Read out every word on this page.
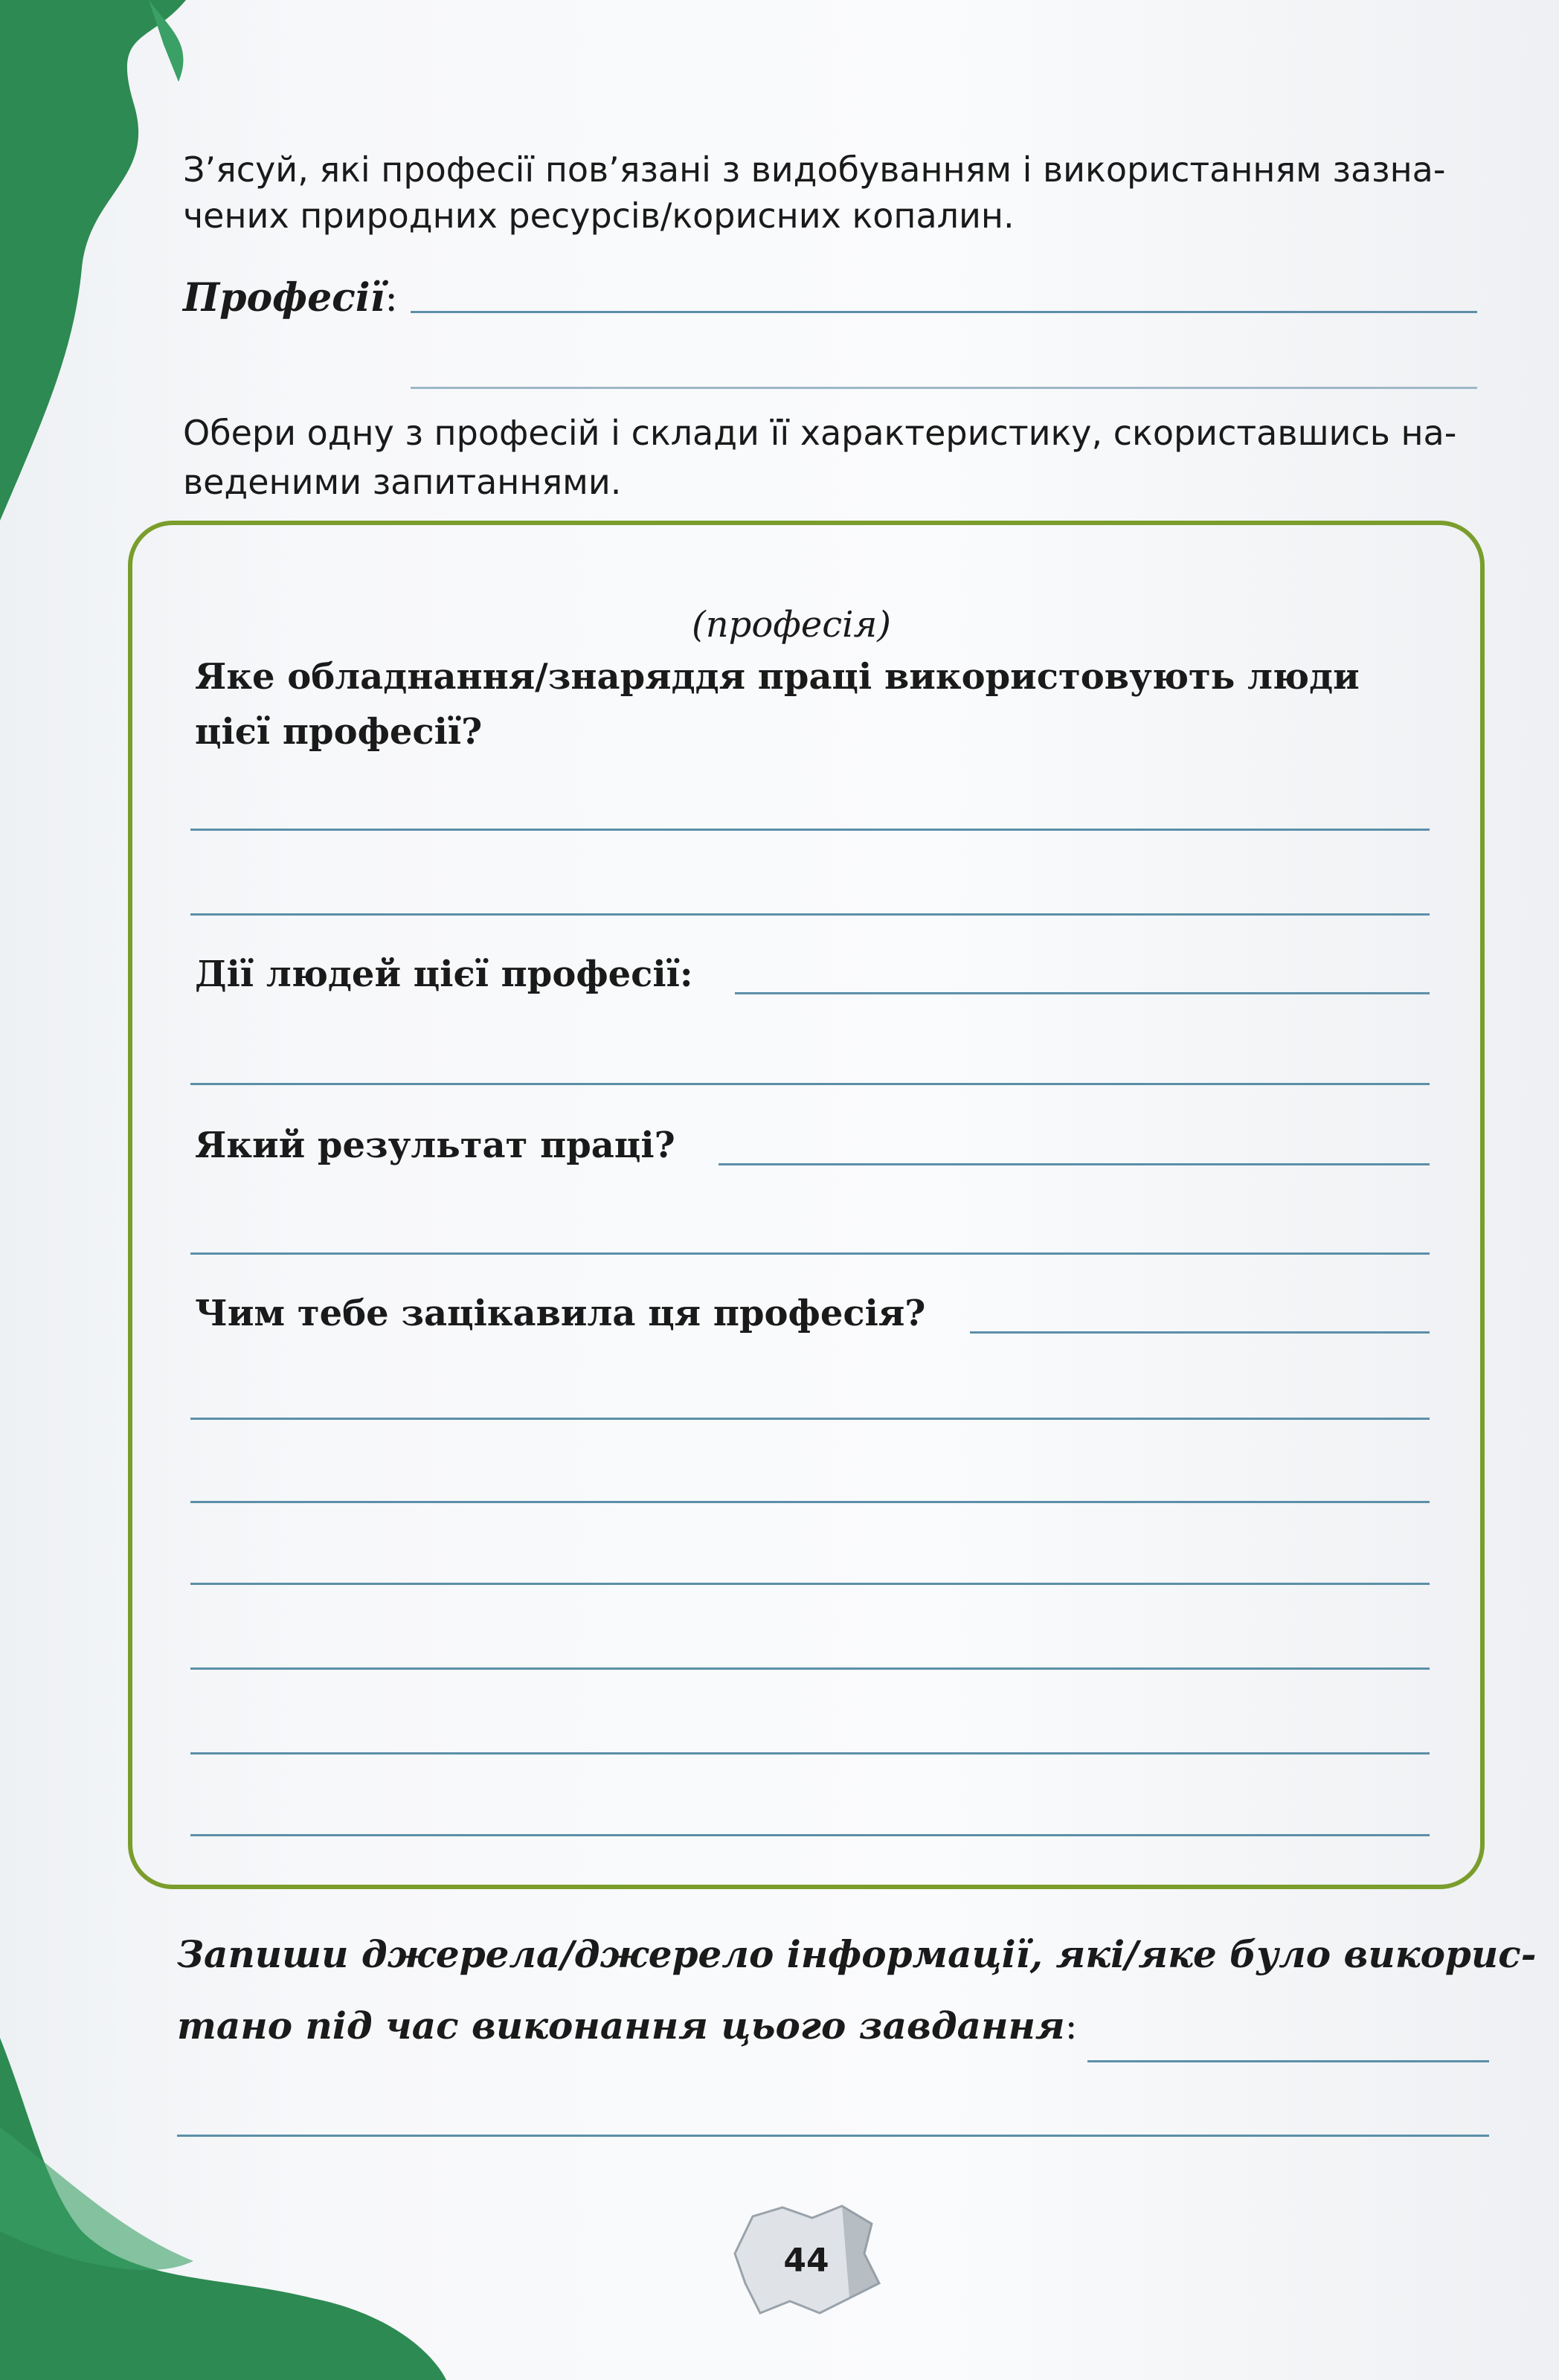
З’ясуй, які професії пов’язані з видобуванням і використанням зазна-
чених природних ресурсів/корисних копалин.
Професії:
Обери одну з професій і склади її характеристику, скориставшись на-
веденими запитаннями.
(професія)
Яке обладнання/знаряддя праці використовують люди
цієї професії?
Дії людей цієї професії:
Який результат праці?
Чим тебе зацікавила ця професія?
Запиши джерела/джерело інформації, які/яке було викорис-
тано під час виконання цього завдання:
44
